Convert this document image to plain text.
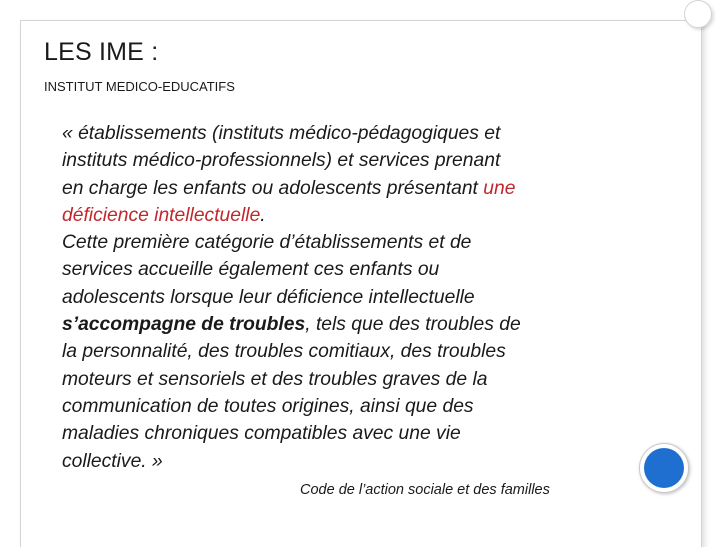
LES IME :
INSTITUT MEDICO-EDUCATIFS

« établissements (instituts médico-pédagogiques et
instituts médico-professionnels) et services prenant
en charge les enfants ou adolescents présentant une
déficience intellectuelle.
Cette première catégorie d’établissements et de
services accueille également ces enfants ou
adolescents lorsque leur déficience intellectuelle
s’accompagne de troubles, tels que des troubles de
la personnalité, des troubles comitiaux, des troubles
moteurs et sensoriels et des troubles graves de la
communication de toutes origines, ainsi que des
maladies chroniques compatibles avec une vie
collective. »

Code de l’action sociale et des familles
